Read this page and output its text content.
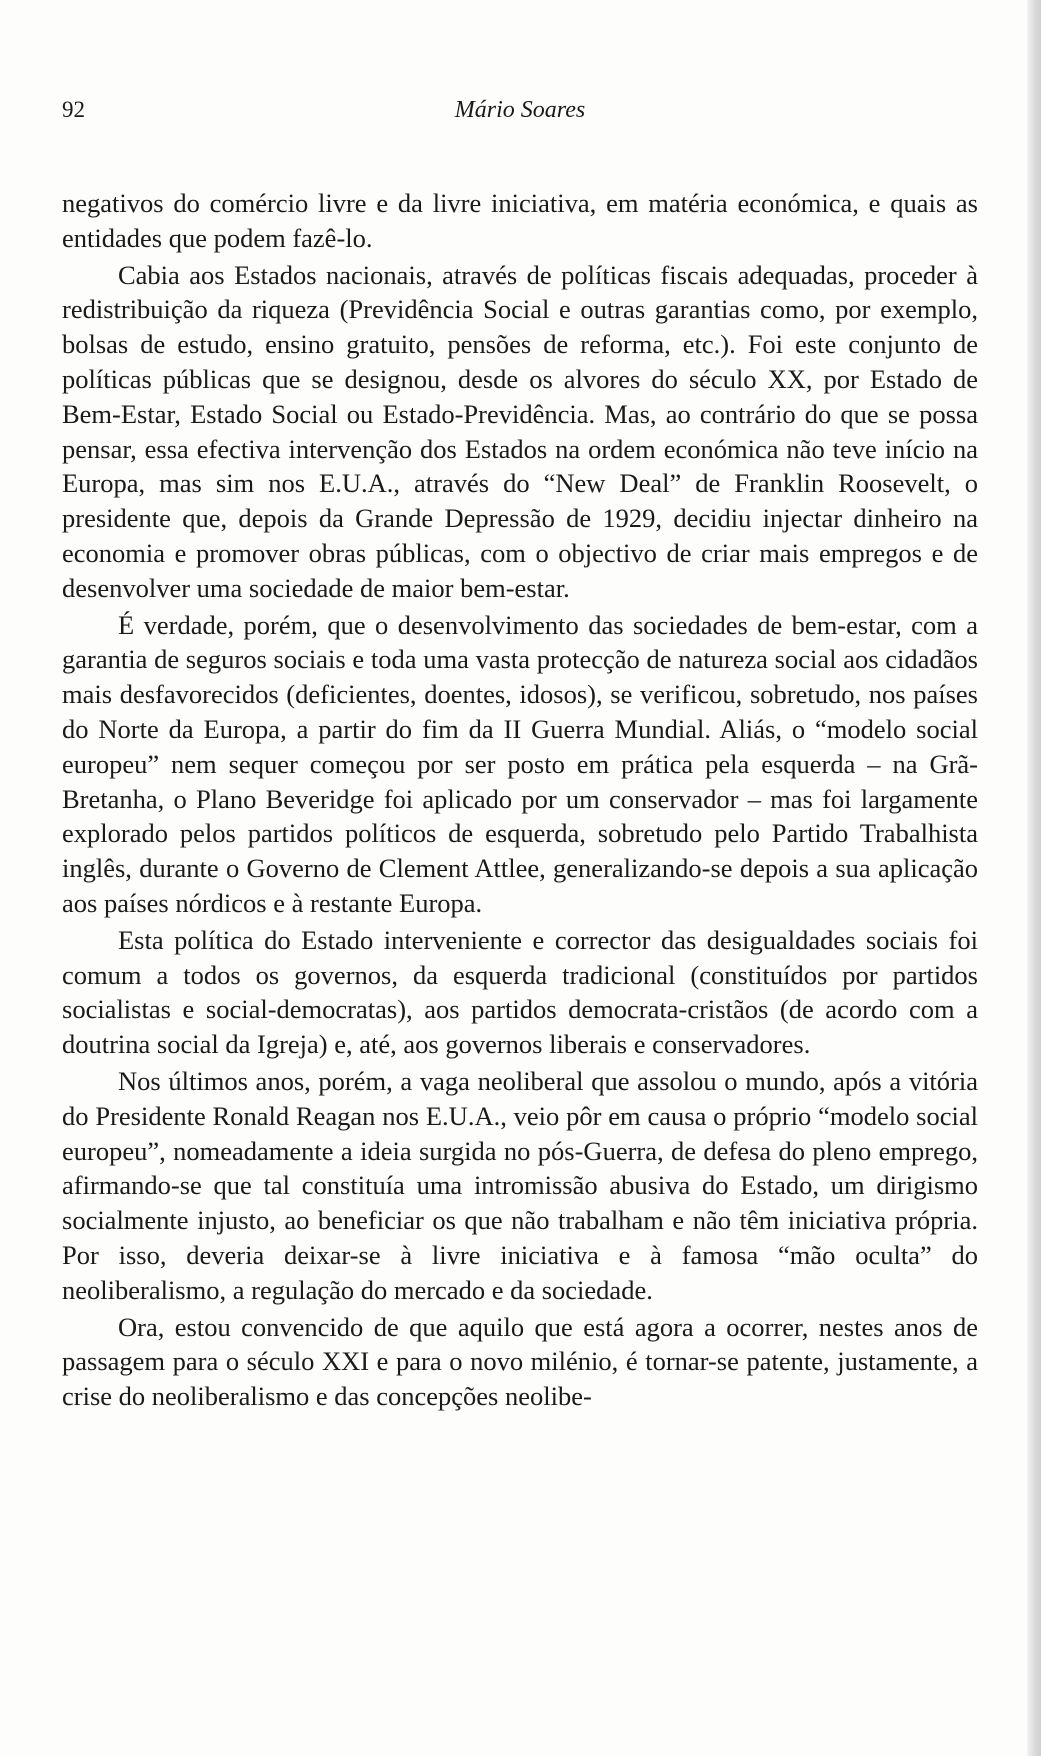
92	Mário Soares

negativos do comércio livre e da livre iniciativa, em matéria económica, e quais as entidades que podem fazê-lo.

Cabia aos Estados nacionais, através de políticas fiscais adequadas, proceder à redistribuição da riqueza (Previdência Social e outras garantias como, por exemplo, bolsas de estudo, ensino gratuito, pensões de reforma, etc.). Foi este conjunto de políticas públicas que se designou, desde os alvores do século XX, por Estado de Bem-Estar, Estado Social ou Estado-Previdência. Mas, ao contrário do que se possa pensar, essa efectiva intervenção dos Estados na ordem económica não teve início na Europa, mas sim nos E.U.A., através do “New Deal” de Franklin Roosevelt, o presidente que, depois da Grande Depressão de 1929, decidiu injectar dinheiro na economia e promover obras públicas, com o objectivo de criar mais empregos e de desenvolver uma sociedade de maior bem-estar.

É verdade, porém, que o desenvolvimento das sociedades de bem-estar, com a garantia de seguros sociais e toda uma vasta protecção de natureza social aos cidadãos mais desfavorecidos (deficientes, doentes, idosos), se verificou, sobretudo, nos países do Norte da Europa, a partir do fim da II Guerra Mundial. Aliás, o “modelo social europeu” nem sequer começou por ser posto em prática pela esquerda – na Grã-Bretanha, o Plano Beveridge foi aplicado por um conservador – mas foi largamente explorado pelos partidos políticos de esquerda, sobretudo pelo Partido Trabalhista inglês, durante o Governo de Clement Attlee, generalizando-se depois a sua aplicação aos países nórdicos e à restante Europa.

Esta política do Estado interveniente e corrector das desigualdades sociais foi comum a todos os governos, da esquerda tradicional (constituídos por partidos socialistas e social-democratas), aos partidos democrata-cristãos (de acordo com a doutrina social da Igreja) e, até, aos governos liberais e conservadores.

Nos últimos anos, porém, a vaga neoliberal que assolou o mundo, após a vitória do Presidente Ronald Reagan nos E.U.A., veio pôr em causa o próprio “modelo social europeu”, nomeadamente a ideia surgida no pós-Guerra, de defesa do pleno emprego, afirmando-se que tal constituía uma intromissão abusiva do Estado, um dirigismo socialmente injusto, ao beneficiar os que não trabalham e não têm iniciativa própria. Por isso, deveria deixar-se à livre iniciativa e à famosa “mão oculta” do neoliberalismo, a regulação do mercado e da sociedade.

Ora, estou convencido de que aquilo que está agora a ocorrer, nestes anos de passagem para o século XXI e para o novo milénio, é tornar-se patente, justamente, a crise do neoliberalismo e das concepções neolibe-
